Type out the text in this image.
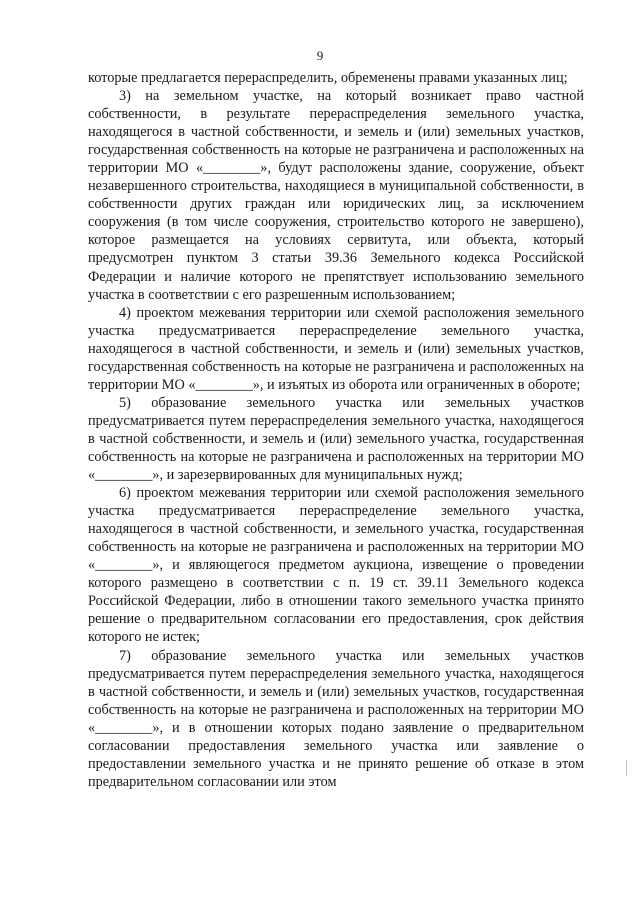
9

которые предлагается перераспределить, обременены правами указанных лиц;

3) на земельном участке, на который возникает право частной собственности, в результате перераспределения земельного участка, находящегося в частной собственности, и земель и (или) земельных участков, государственная собственность на которые не разграничена и расположенных на территории МО «________», будут расположены здание, сооружение, объект незавершенного строительства, находящиеся в муниципальной собственности, в собственности других граждан или юридических лиц, за исключением сооружения (в том числе сооружения, строительство которого не завершено), которое размещается на условиях сервитута, или объекта, который предусмотрен пунктом 3 статьи 39.36 Земельного кодекса Российской Федерации и наличие которого не препятствует использованию земельного участка в соответствии с его разрешенным использованием;

4) проектом межевания территории или схемой расположения земельного участка предусматривается перераспределение земельного участка, находящегося в частной собственности, и земель и (или) земельных участков, государственная собственность на которые не разграничена и расположенных на территории МО «________», и изъятых из оборота или ограниченных в обороте;

5) образование земельного участка или земельных участков предусматривается путем перераспределения земельного участка, находящегося в частной собственности, и земель и (или) земельного участка, государственная собственность на которые не разграничена и расположенных на территории МО «________», и зарезервированных для муниципальных нужд;

6) проектом межевания территории или схемой расположения земельного участка предусматривается перераспределение земельного участка, находящегося в частной собственности, и земельного участка, государственная собственность на которые не разграничена и расположенных на территории МО «________», и являющегося предметом аукциона, извещение о проведении которого размещено в соответствии с п. 19 ст. 39.11 Земельного кодекса Российской Федерации, либо в отношении такого земельного участка принято решение о предварительном согласовании его предоставления, срок действия которого не истек;

7) образование земельного участка или земельных участков предусматривается путем перераспределения земельного участка, находящегося в частной собственности, и земель и (или) земельных участков, государственная собственность на которые не разграничена и расположенных на территории МО «________», и в отношении которых подано заявление о предварительном согласовании предоставления земельного участка или заявление о предоставлении земельного участка и не принято решение об отказе в этом предварительном согласовании или этом
